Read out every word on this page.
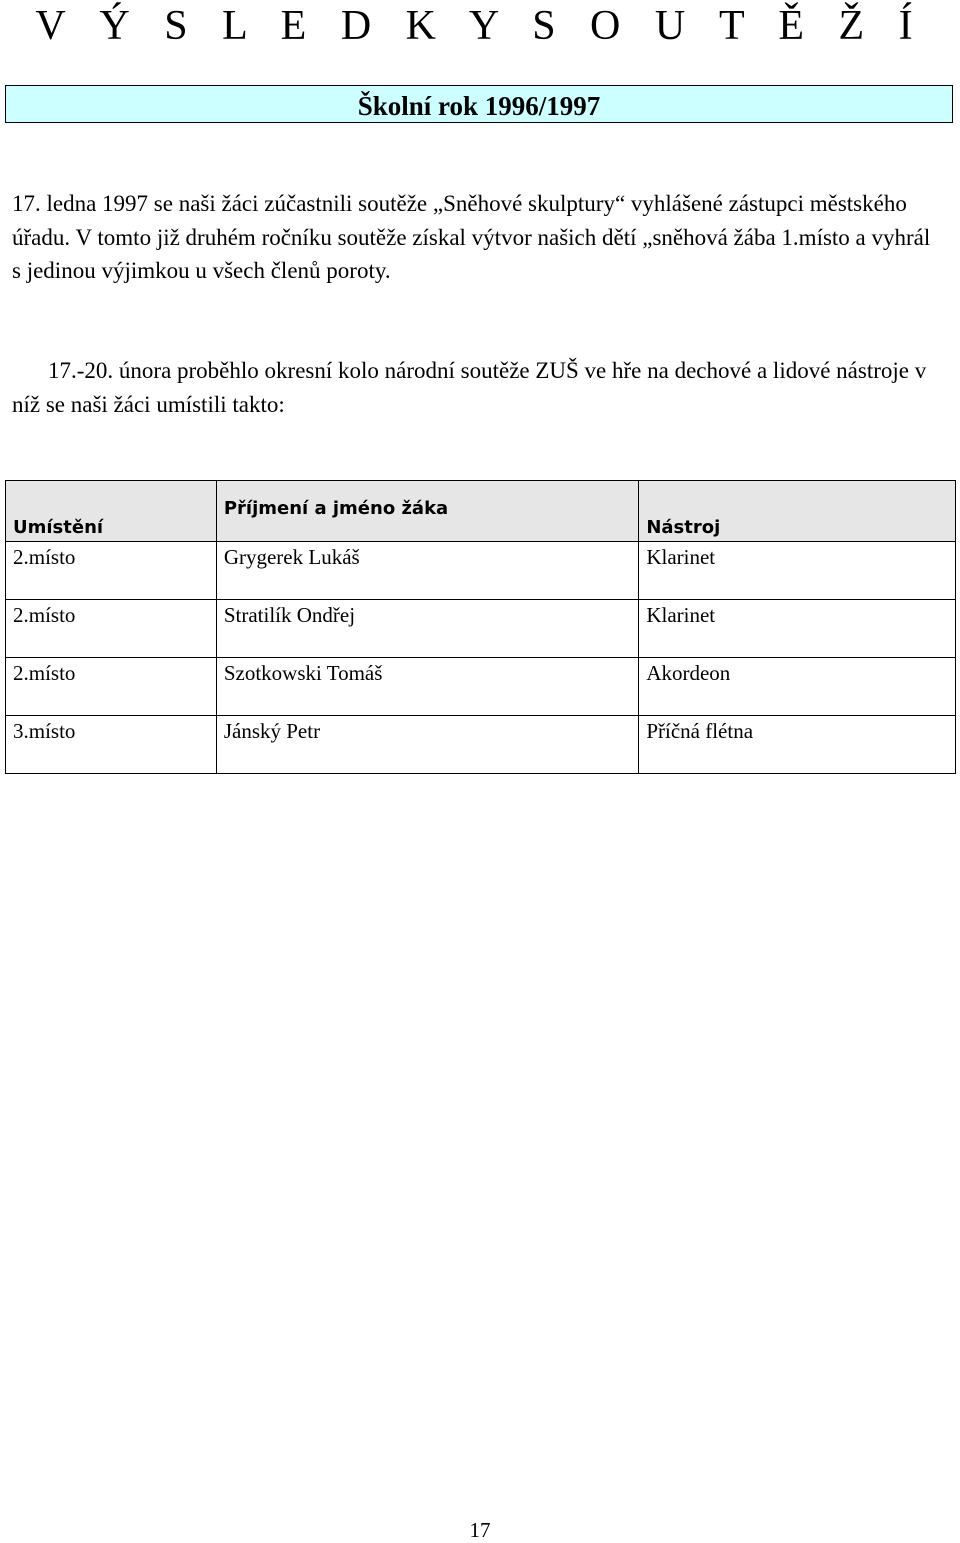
V Ý S L E D K Y S O U T Ě Ž Í
Školní rok 1996/1997

17. ledna 1997 se naši žáci zúčastnili soutěže „Sněhové skulptury“ vyhlášené zástupci městského úřadu. V tomto již druhém ročníku soutěže získal výtvor našich dětí „sněhová žába 1.místo a vyhrál s jedinou výjimkou u všech členů poroty.

17.-20. února proběhlo okresní kolo národní soutěže ZUŠ ve hře na dechové a lidové nástroje v níž se naši žáci umístili takto:

Umístění	Příjmení a jméno žáka	Nástroj
2.místo	Grygerek Lukáš	Klarinet
2.místo	Stratilík Ondřej	Klarinet
2.místo	Szotkowski Tomáš	Akordeon
3.místo	Jánský Petr	Příčná flétna
17
